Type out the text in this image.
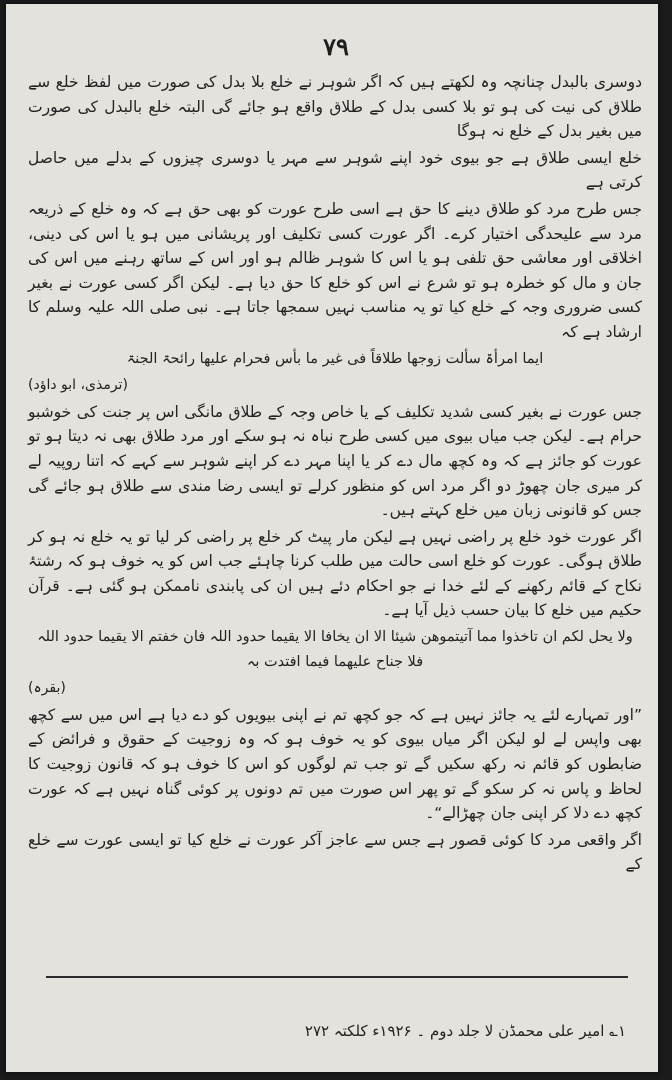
۷۹

دوسری بالبدل چنانچہ وہ لکھتے ہیں کہ اگر شوہر نے خلع بلا بدل کی صورت میں لفظ خلع سے طلاق کی نیت کی ہو تو بلا کسی بدل کے طلاق واقع ہو جائے گی البتہ خلع بالبدل کی صورت میں بغیر بدل کے خلع نہ ہوگا

خلع ایسی طلاق ہے جو بیوی خود اپنے شوہر سے مہر یا دوسری چیزوں کے بدلے میں حاصل کرتی ہے

جس طرح مرد کو طلاق دینے کا حق ہے اسی طرح عورت کو بھی حق ہے کہ وہ خلع کے ذریعہ مرد سے علیحدگی اختیار کرے۔ اگر عورت کسی تکلیف اور پریشانی میں ہو یا اس کی دینی، اخلاقی اور معاشی حق تلفی ہو یا اس کا شوہر ظالم ہو اور اس کے ساتھ رہنے میں اس کی جان و مال کو خطرہ ہو تو شرع نے اس کو خلع کا حق دیا ہے۔ لیکن اگر کسی عورت نے بغیر کسی ضروری وجہ کے خلع کیا تو یہ مناسب نہیں سمجھا جاتا ہے۔ نبی صلی اللہ علیہ وسلم کا ارشاد ہے کہ

ایما امرأۃ سألت زوجھا طلاقاً فی غیر ما بأس فحرام علیھا رائحۃ الجنۃ

(ترمذی، ابو داؤد)

جس عورت نے بغیر کسی شدید تکلیف کے یا خاص وجہ کے طلاق مانگی اس پر جنت کی خوشبو حرام ہے۔ لیکن جب میاں بیوی میں کسی طرح نباہ نہ ہو سکے اور مرد طلاق بھی نہ دیتا ہو تو عورت کو جائز ہے کہ وہ کچھ مال دے کر یا اپنا مہر دے کر اپنے شوہر سے کہے کہ اتنا روپیہ لے کر میری جان چھوڑ دو اگر مرد اس کو منظور کرلے تو ایسی رضا مندی سے طلاق ہو جائے گی جس کو قانونی زبان میں خلع کہتے ہیں۔

اگر عورت خود خلع پر راضی نہیں ہے لیکن مار پیٹ کر خلع پر راضی کر لیا تو یہ خلع نہ ہو کر طلاق ہوگی۔ عورت کو خلع اسی حالت میں طلب کرنا چاہئے جب اس کو یہ خوف ہو کہ رشتۂ نکاح کے قائم رکھنے کے لئے خدا نے جو احکام دئے ہیں ان کی پابندی ناممکن ہو گئی ہے۔ قرآن حکیم میں خلع کا بیان حسب ذیل آیا ہے۔

ولا یحل لکم ان تاخذوا مما آتیتموھن شیئا الا ان یخافا الا یقیما حدود اللہ فان خفتم الا یقیما حدود اللہ فلا جناح علیھما فیما افتدت بہ

(بقرہ)

”اور تمہارے لئے یہ جائز نہیں ہے کہ جو کچھ تم نے اپنی بیویوں کو دے دیا ہے اس میں سے کچھ بھی واپس لے لو لیکن اگر میاں بیوی کو یہ خوف ہو کہ وہ زوجیت کے حقوق و فرائض کے ضابطوں کو قائم نہ رکھ سکیں گے تو جب تم لوگوں کو اس کا خوف ہو کہ قانون زوجیت کا لحاظ و پاس نہ کر سکو گے تو پھر اس صورت میں تم دونوں پر کوئی گناہ نہیں ہے کہ عورت کچھ دے دلا کر اپنی جان چھڑالے“۔

اگر واقعی مرد کا کوئی قصور ہے جس سے عاجز آکر عورت نے خلع کیا تو ایسی عورت سے خلع کے

۱؎ امیر علی محمڈن لا جلد دوم ۔ ۱۹۲۶ء کلکتہ ۲۷۲
